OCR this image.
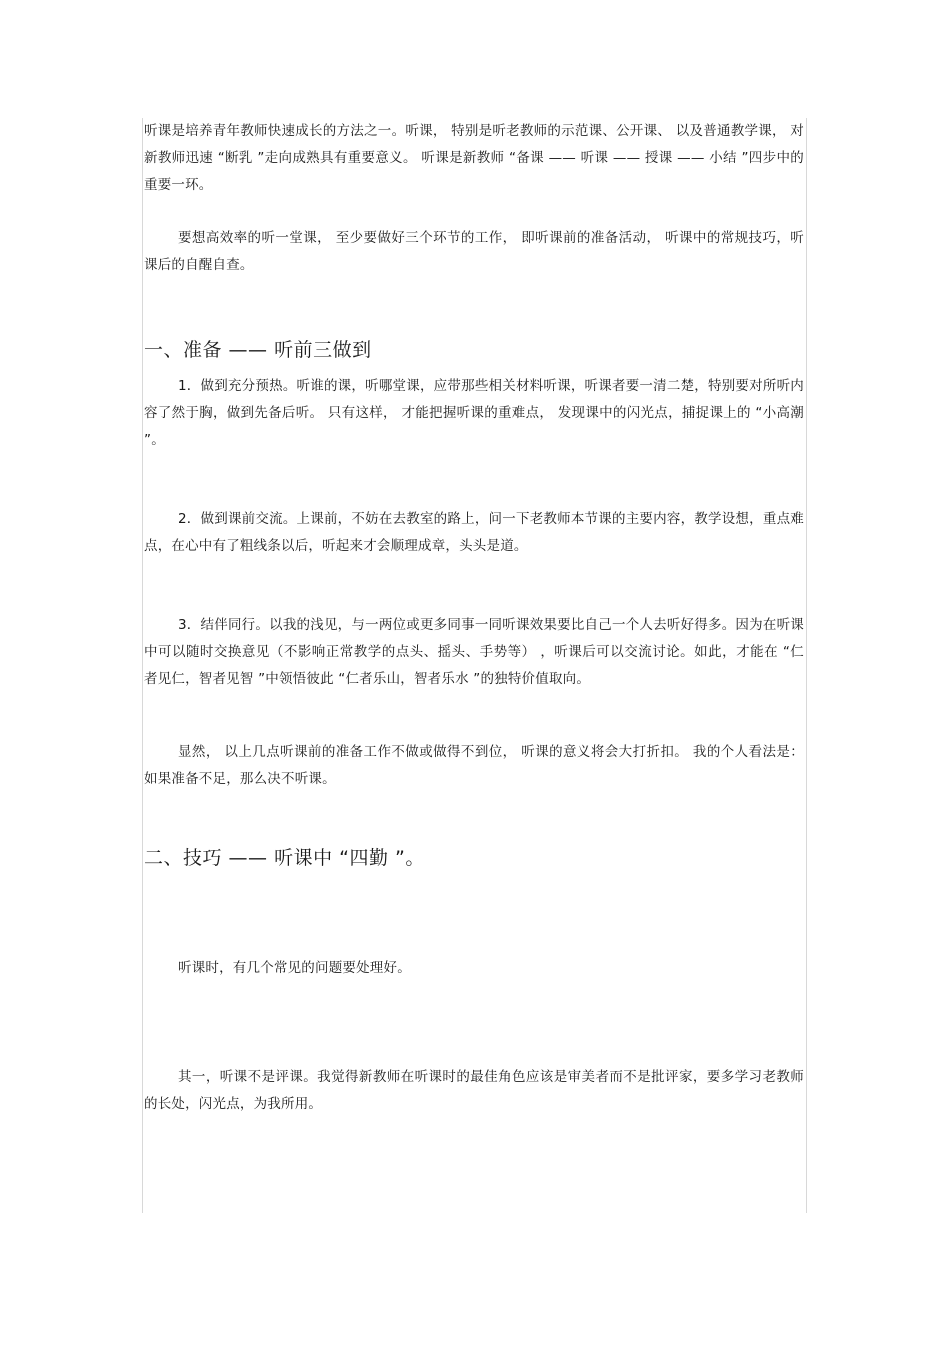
听课是培养青年教师快速成长的方法之一。听课， 特别是听老教师的示范课、公开课、 以及普通教学课， 对新教师迅速 “断乳 ”走向成熟具有重要意义。 听课是新教师 “备课 —— 听课 —— 授课 —— 小结 ”四步中的重要一环。

要想高效率的听一堂课， 至少要做好三个环节的工作， 即听课前的准备活动， 听课中的常规技巧，听课后的自醒自查。

一、准备 —— 听前三做到

1．做到充分预热。听谁的课，听哪堂课，应带那些相关材料听课，听课者要一清二楚，特别要对所听内容了然于胸，做到先备后听。 只有这样， 才能把握听课的重难点， 发现课中的闪光点，捕捉课上的 “小高潮 ”。

2．做到课前交流。上课前，不妨在去教室的路上，问一下老教师本节课的主要内容，教学设想，重点难点，在心中有了粗线条以后，听起来才会顺理成章，头头是道。

3．结伴同行。以我的浅见，与一两位或更多同事一同听课效果要比自己一个人去听好得多。因为在听课中可以随时交换意见（不影响正常教学的点头、摇头、手势等） ，听课后可以交流讨论。如此，才能在 “仁者见仁，智者见智 ”中领悟彼此 “仁者乐山，智者乐水 ”的独特价值取向。

显然， 以上几点听课前的准备工作不做或做得不到位， 听课的意义将会大打折扣。 我的个人看法是：如果准备不足，那么决不听课。

二、技巧 —— 听课中 “四勤 ”。

听课时，有几个常见的问题要处理好。

其一，听课不是评课。我觉得新教师在听课时的最佳角色应该是审美者而不是批评家，要多学习老教师的长处，闪光点，为我所用。
